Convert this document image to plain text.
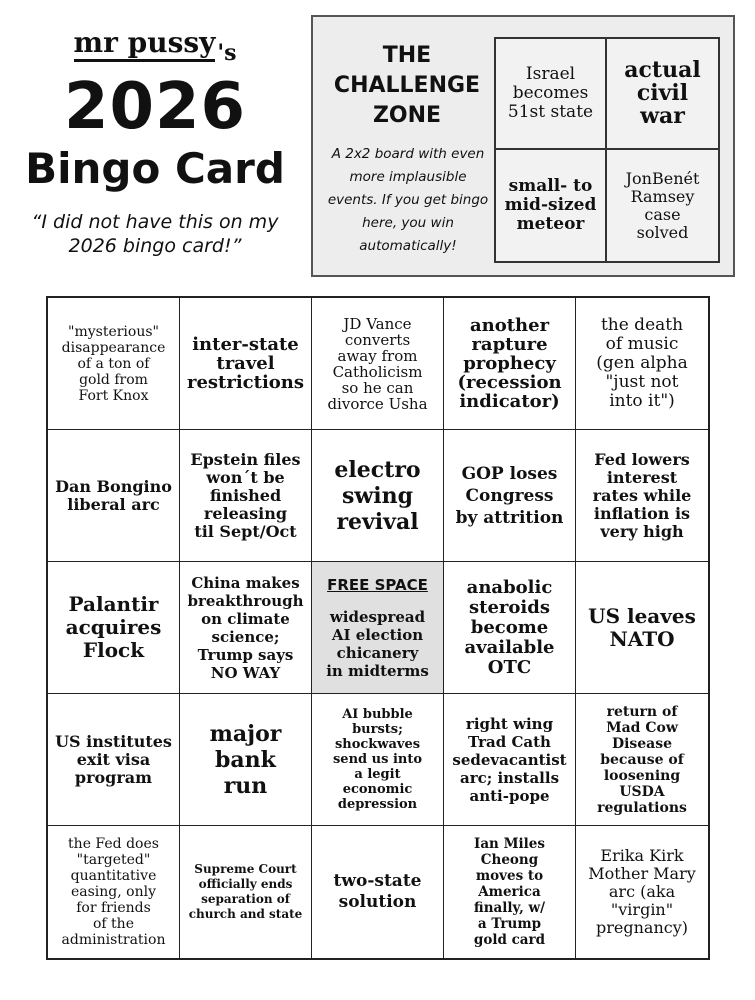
mr pussy$_{'s}$
2026
Bingo Card
“I did not have this on my 2026 bingo card!”
THE
CHALLENGE
ZONE
A 2x2 board with even more implausible events. If you get bingo here, you win automatically!
Israel
becomes
51st state
actual
civil
war
small- to
mid-sized
meteor
JonBenét
Ramsey
case
solved
"mysterious"
disappearance
of a ton of
gold from
Fort Knox
inter-state
travel
restrictions
JD Vance
converts
away from
Catholicism
so he can
divorce Usha
another
rapture
prophecy
(recession
indicator)
the death
of music
(gen alpha
"just not
into it")
Dan Bongino
liberal arc
Epstein files
won´t be
finished
releasing
til Sept/Oct
electro
swing
revival
GOP loses
Congress
by attrition
Fed lowers
interest
rates while
inflation is
very high
Palantir
acquires
Flock
China makes
breakthrough
on climate
science;
Trump says
NO WAY
FREE SPACE
widespread
AI election
chicanery
in midterms
anabolic
steroids
become
available
OTC
US leaves
NATO
US institutes
exit visa
program
major
bank
run
AI bubble
bursts;
shockwaves
send us into
a legit
economic
depression
right wing
Trad Cath
sedevacantist
arc; installs
anti-pope
return of
Mad Cow
Disease
because of
loosening
USDA
regulations
the Fed does
"targeted"
quantitative
easing, only
for friends
of the
administration
Supreme Court
officially ends
separation of
church and state
two-state
solution
Ian Miles
Cheong
moves to
America
finally, w/
a Trump
gold card
Erika Kirk
Mother Mary
arc (aka
"virgin"
pregnancy)
